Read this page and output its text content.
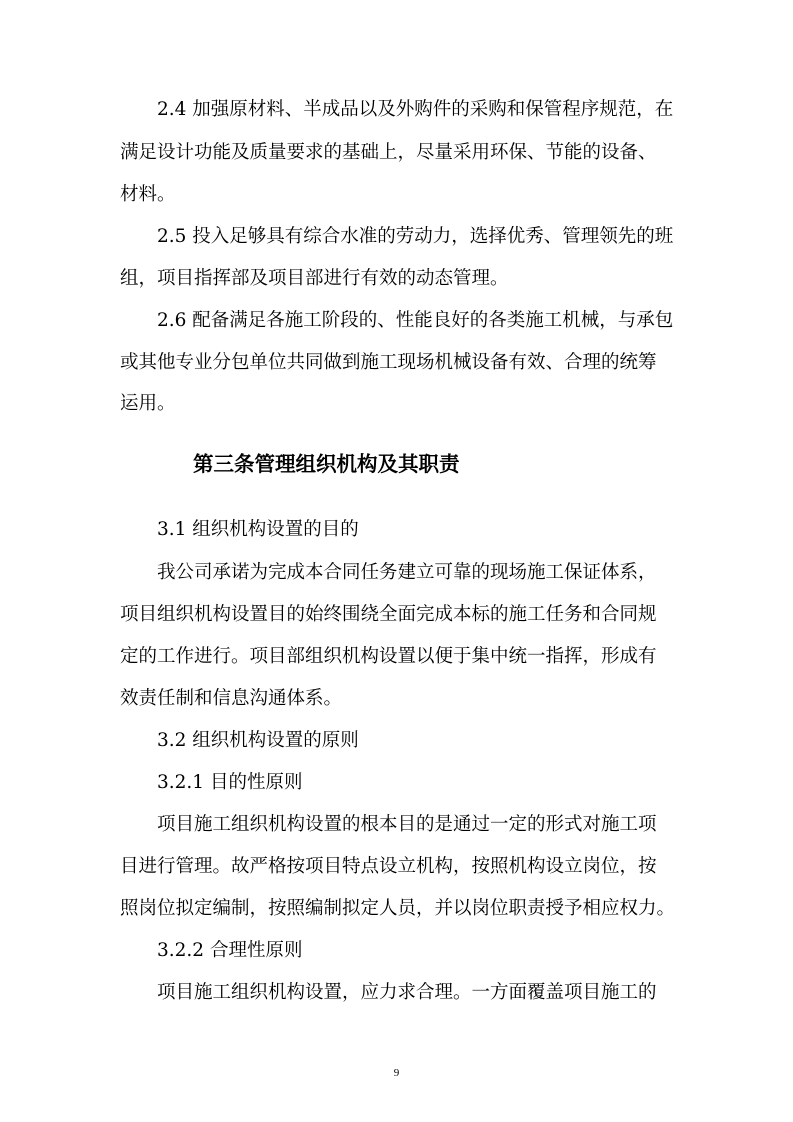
2.4 加强原材料、半成品以及外购件的采购和保管程序规范，在
满足设计功能及质量要求的基础上，尽量采用环保、节能的设备、
材料。
2.5 投入足够具有综合水准的劳动力，选择优秀、管理领先的班
组，项目指挥部及项目部进行有效的动态管理。
2.6 配备满足各施工阶段的、性能良好的各类施工机械，与承包
或其他专业分包单位共同做到施工现场机械设备有效、合理的统筹
运用。
第三条管理组织机构及其职责
3.1 组织机构设置的目的
我公司承诺为完成本合同任务建立可靠的现场施工保证体系，
项目组织机构设置目的始终围绕全面完成本标的施工任务和合同规
定的工作进行。项目部组织机构设置以便于集中统一指挥，形成有
效责任制和信息沟通体系。
3.2 组织机构设置的原则
3.2.1 目的性原则
项目施工组织机构设置的根本目的是通过一定的形式对施工项
目进行管理。故严格按项目特点设立机构，按照机构设立岗位，按
照岗位拟定编制，按照编制拟定人员，并以岗位职责授予相应权力。
3.2.2 合理性原则
项目施工组织机构设置，应力求合理。一方面覆盖项目施工的
9
